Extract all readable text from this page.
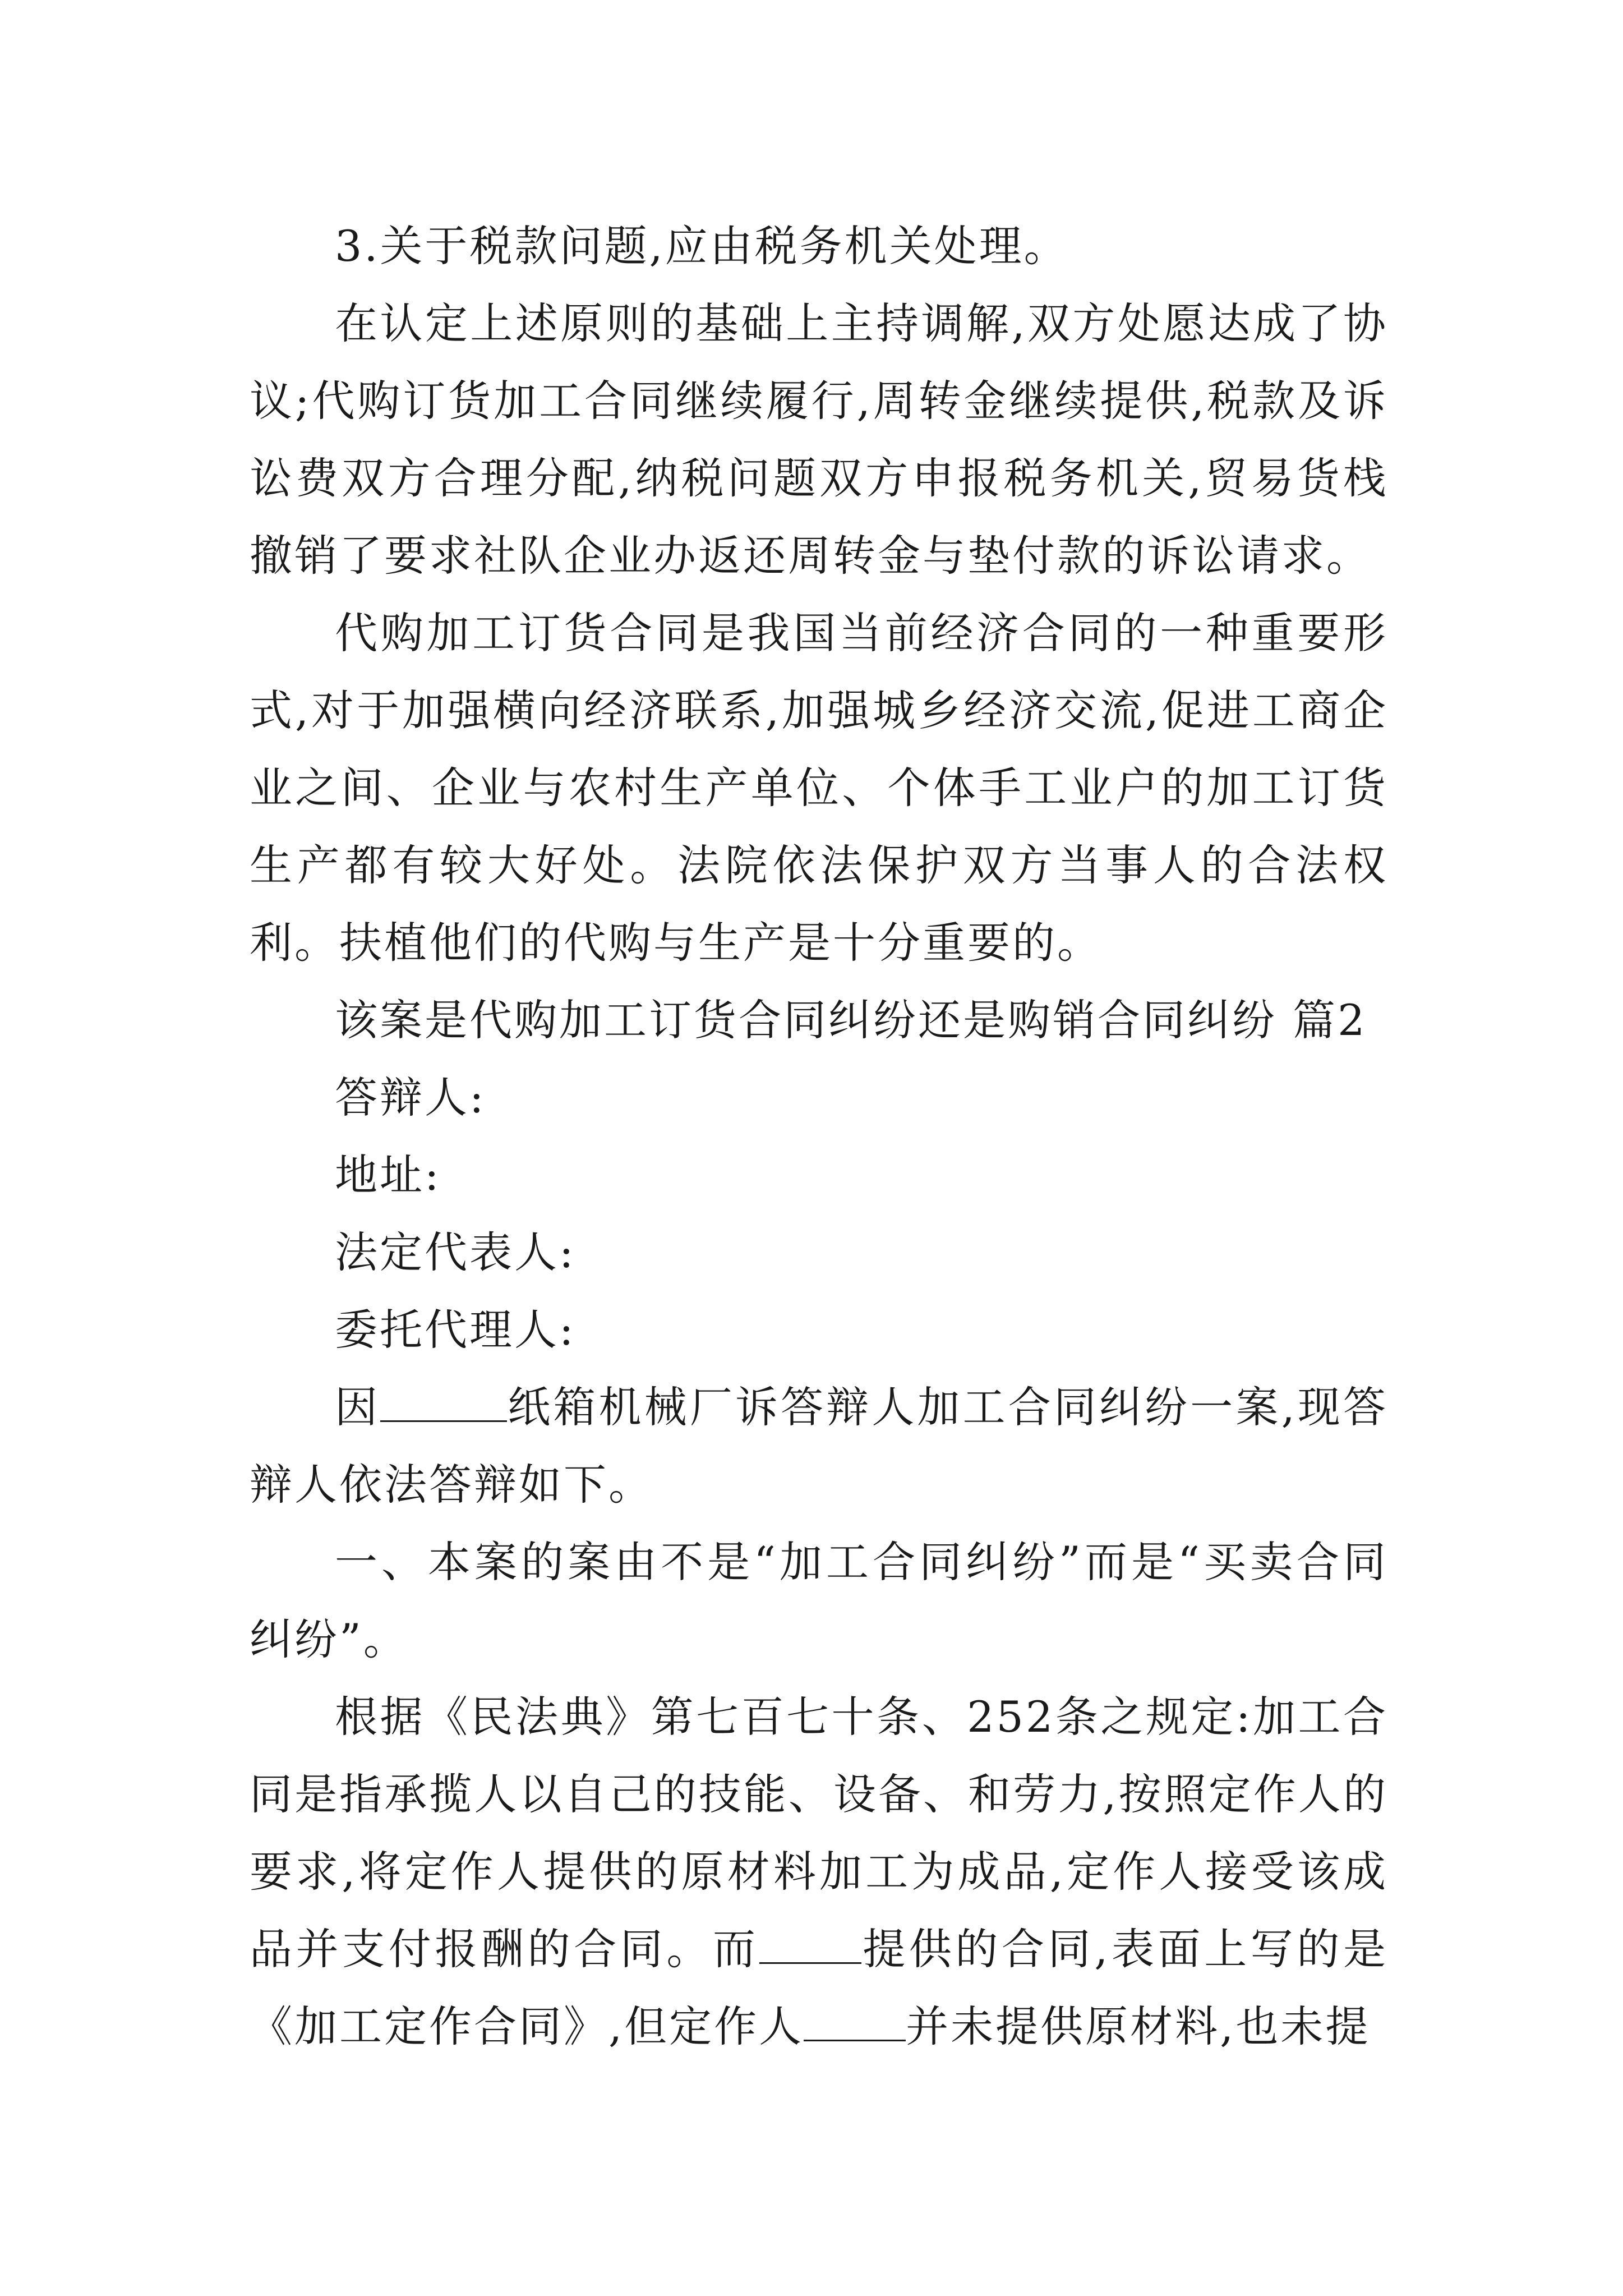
3.关于税款问题,应由税务机关处理。

在认定上述原则的基础上主持调解,双方处愿达成了协议;代购订货加工合同继续履行,周转金继续提供,税款及诉讼费双方合理分配,纳税问题双方申报税务机关,贸易货栈撤销了要求社队企业办返还周转金与垫付款的诉讼请求。

代购加工订货合同是我国当前经济合同的一种重要形式,对于加强横向经济联系,加强城乡经济交流,促进工商企业之间、企业与农村生产单位、个体手工业户的加工订货生产都有较大好处。法院依法保护双方当事人的合法权利。扶植他们的代购与生产是十分重要的。

该案是代购加工订货合同纠纷还是购销合同纠纷 篇2

答辩人:

地址:

法定代表人:

委托代理人:

因	纸箱机械厂诉答辩人加工合同纠纷一案,现答辩人依法答辩如下。

一、本案的案由不是“加工合同纠纷”而是“买卖合同纠纷”。

根据《民法典》第七百七十条、252条之规定:加工合同是指承揽人以自己的技能、设备、和劳力,按照定作人的要求,将定作人提供的原材料加工为成品,定作人接受该成品并支付报酬的合同。而 提供的合同,表面上写的是《加工定作合同》,但定作人 并未提供原材料,也未提
